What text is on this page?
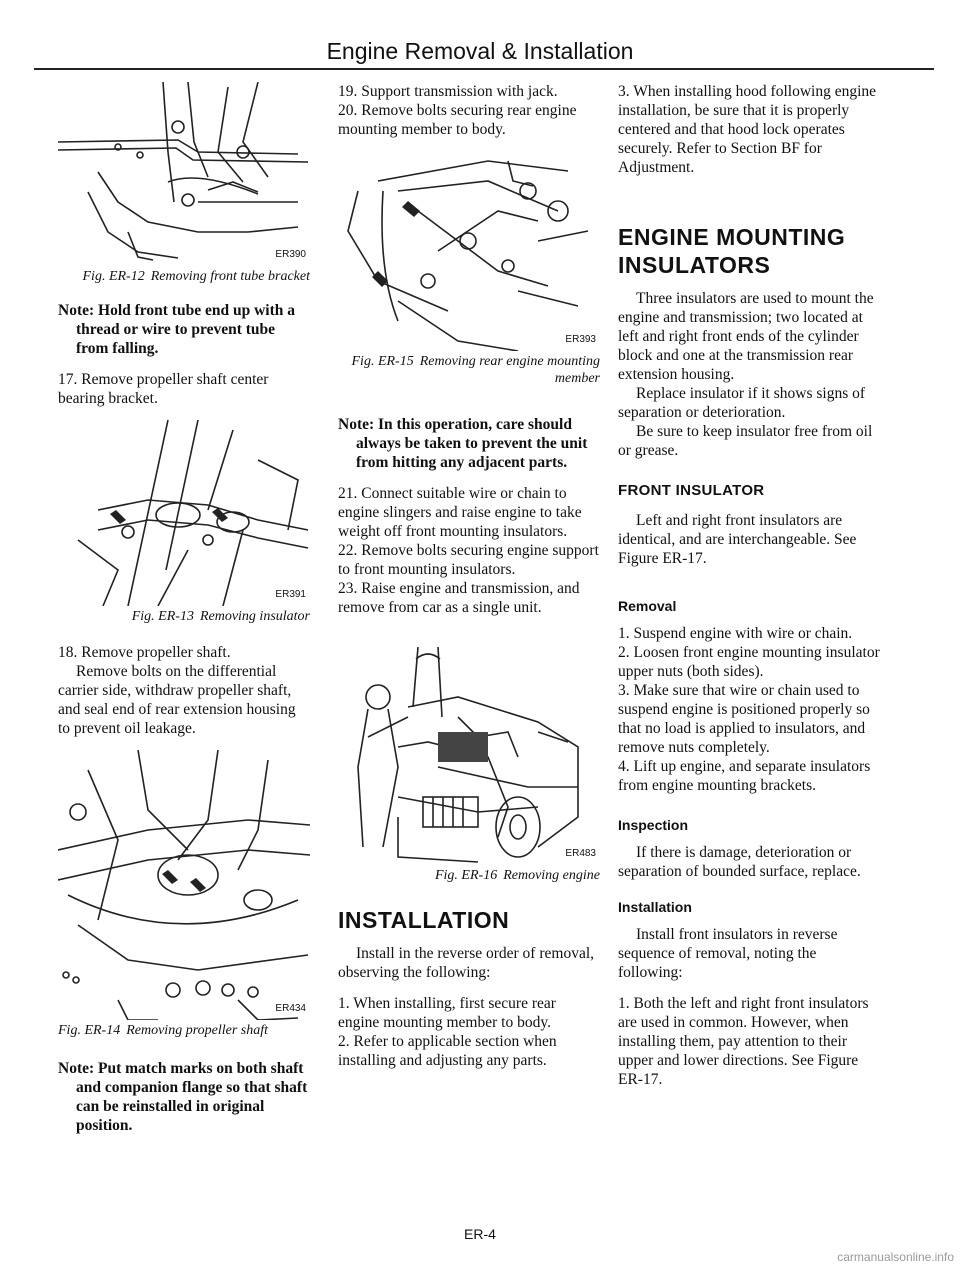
Engine Removal & Installation
ER390
Fig. ER-12 Removing front tube bracket

Note: Hold front tube end up with a thread or wire to prevent tube from falling.

17. Remove propeller shaft center bearing bracket.

ER391
Fig. ER-13 Removing insulator

18. Remove propeller shaft.

Remove bolts on the differential carrier side, withdraw propeller shaft, and seal end of rear extension housing to prevent oil leakage.

ER434
Fig. ER-14 Removing propeller shaft

Note: Put match marks on both shaft and companion flange so that shaft can be reinstalled in original position.

19. Support transmission with jack.

20. Remove bolts securing rear engine mounting member to body.

ER393
Fig. ER-15 Removing rear engine mounting member

Note: In this operation, care should always be taken to prevent the unit from hitting any adjacent parts.

21. Connect suitable wire or chain to engine slingers and raise engine to take weight off front mounting insulators.

22. Remove bolts securing engine support to front mounting insulators.

23. Raise engine and transmission, and remove from car as a single unit.

ER483
Fig. ER-16 Removing engine
INSTALLATION

Install in the reverse order of removal, observing the following:

1. When installing, first secure rear engine mounting member to body.

2. Refer to applicable section when installing and adjusting any parts.

3. When installing hood following engine installation, be sure that it is properly centered and that hood lock operates securely. Refer to Section BF for Adjustment.

ENGINE MOUNTING INSULATORS

Three insulators are used to mount the engine and transmission; two located at left and right front ends of the cylinder block and one at the transmission rear extension housing.

Replace insulator if it shows signs of separation or deterioration.

Be sure to keep insulator free from oil or grease.

FRONT INSULATOR

Left and right front insulators are identical, and are interchangeable. See Figure ER-17.

Removal

1. Suspend engine with wire or chain.

2. Loosen front engine mounting insulator upper nuts (both sides).

3. Make sure that wire or chain used to suspend engine is positioned properly so that no load is applied to insulators, and remove nuts completely.

4. Lift up engine, and separate insulators from engine mounting brackets.

Inspection

If there is damage, deterioration or separation of bounded surface, replace.

Installation

Install front insulators in reverse sequence of removal, noting the following:

1. Both the left and right front insulators are used in common. However, when installing them, pay attention to their upper and lower directions. See Figure ER-17.

ER-4
carmanualsonline.info
